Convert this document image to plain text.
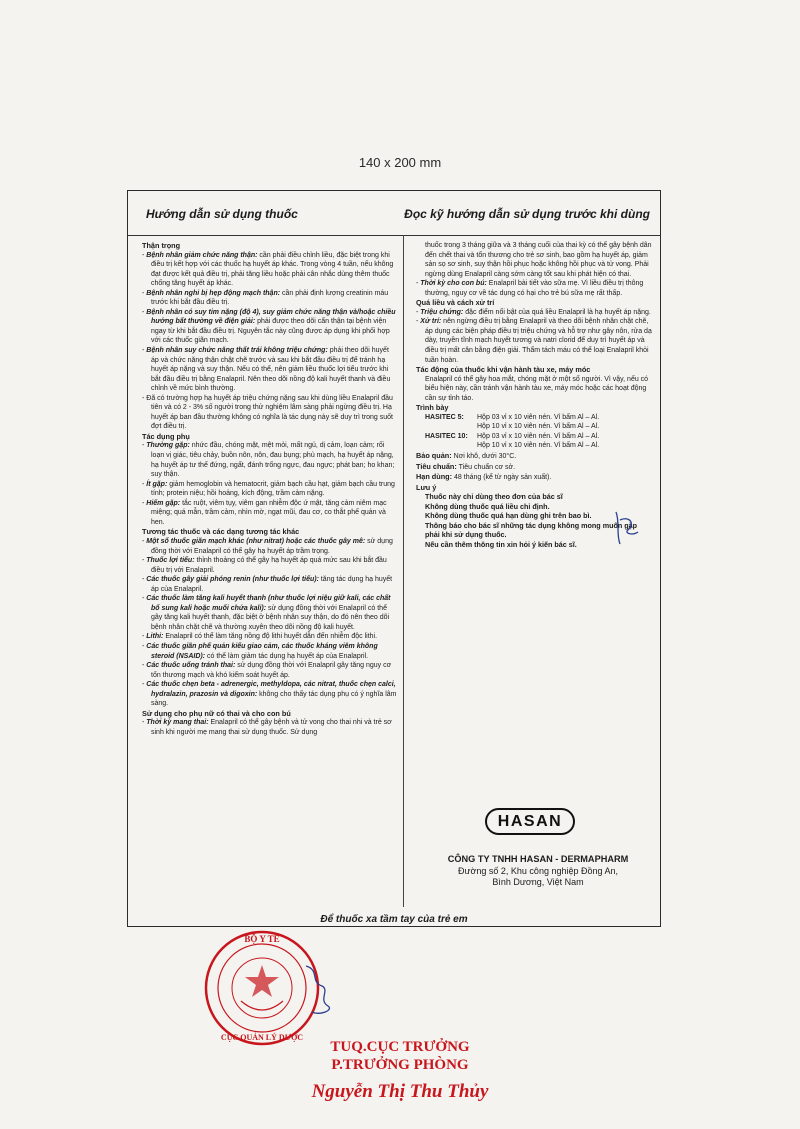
140 x 200 mm
Hướng dẫn sử dụng thuốc	Đọc kỹ hướng dẫn sử dụng trước khi dùng
Thận trọng
- Bệnh nhân giảm chức năng thận: cần phải điều chỉnh liều, đặc biệt trong khi điều trị kết hợp với các thuốc hạ huyết áp khác. Trong vòng 4 tuần, nếu không đạt được kết quả điều trị, phải tăng liều hoặc phải cân nhắc dùng thêm thuốc chống tăng huyết áp khác.
- Bệnh nhân nghi bị hẹp động mạch thận: cần phải định lượng creatinin máu trước khi bắt đầu điều trị.
- Bệnh nhân có suy tim nặng (độ 4), suy giảm chức năng thận và/hoặc chiều hướng bất thường về điện giải: phải được theo dõi cẩn thận tại bệnh viện ngay từ khi bắt đầu điều trị. Nguyên tắc này cũng được áp dụng khi phối hợp với các thuốc giãn mạch.
- Bệnh nhân suy chức năng thất trái không triệu chứng: phải theo dõi huyết áp và chức năng thận chặt chẽ trước và sau khi bắt đầu điều trị để tránh hạ huyết áp nặng và suy thận. Nếu có thể, nên giảm liều thuốc lợi tiểu trước khi bắt đầu điều trị bằng Enalapril. Nên theo dõi nồng độ kali huyết thanh và điều chỉnh về mức bình thường.
- Đã có trường hợp hạ huyết áp triệu chứng nặng sau khi dùng liều Enalapril đầu tiên và có 2 - 3% số người trong thử nghiệm lâm sàng phải ngừng điều trị. Hạ huyết áp ban đầu thường không có nghĩa là tác dụng này sẽ duy trì trong suốt đợt điều trị.
Tác dụng phụ
- Thường gặp: nhức đầu, chóng mặt, mệt mỏi, mất ngủ, dị cảm, loạn cảm; rối loạn vị giác, tiêu chảy, buồn nôn, nôn, đau bụng; phù mạch, hạ huyết áp nặng, hạ huyết áp tư thế đứng, ngất, đánh trống ngực, đau ngực; phát ban; ho khan; suy thận.
- Ít gặp: giảm hemoglobin và hematocrit, giảm bạch cầu hạt, giảm bạch cầu trung tính; protein niệu; hồi hoảng, kích động, trầm cảm nặng.
- Hiếm gặp: tắc ruột, viêm tụy, viêm gan nhiễm độc ứ mật, tăng cảm niêm mạc miệng; quá mẫn, trầm cảm, nhìn mờ, ngạt mũi, đau cơ, co thắt phế quản và hen.
Tương tác thuốc và các dạng tương tác khác
- Một số thuốc giãn mạch khác (như nitrat) hoặc các thuốc gây mê: sử dụng đồng thời với Enalapril có thể gây hạ huyết áp trầm trọng.
- Thuốc lợi tiểu: thỉnh thoảng có thể gây hạ huyết áp quá mức sau khi bắt đầu điều trị với Enalapril.
- Các thuốc gây giải phóng renin (như thuốc lợi tiểu): tăng tác dụng hạ huyết áp của Enalapril.
- Các thuốc làm tăng kali huyết thanh (như thuốc lợi niệu giữ kali, các chất bổ sung kali hoặc muối chứa kali): sử dụng đồng thời với Enalapril có thể gây tăng kali huyết thanh, đặc biệt ở bệnh nhân suy thận, do đó nên theo dõi bệnh nhân chặt chẽ và thường xuyên theo dõi nồng độ kali huyết.
- Lithi: Enalapril có thể làm tăng nồng độ lithi huyết dẫn đến nhiễm độc lithi.
- Các thuốc giãn phế quản kiểu giao cảm, các thuốc kháng viêm không steroid (NSAID): có thể làm giảm tác dụng hạ huyết áp của Enalapril.
- Các thuốc uống tránh thai: sử dụng đồng thời với Enalapril gây tăng nguy cơ tổn thương mạch và khó kiểm soát huyết áp.
- Các thuốc chẹn beta - adrenergic, methyldopa, các nitrat, thuốc chẹn calci, hydralazin, prazosin và digoxin: không cho thấy tác dụng phụ có ý nghĩa lâm sàng.
Sử dụng cho phụ nữ có thai và cho con bú
- Thời kỳ mang thai: Enalapril có thể gây bệnh và tử vong cho thai nhi và trẻ sơ sinh khi người mẹ mang thai sử dụng thuốc. Sử dụng
thuốc trong 3 tháng giữa và 3 tháng cuối của thai kỳ có thể gây bệnh dẫn đến chết thai và tổn thương cho trẻ sơ sinh, bao gồm hạ huyết áp, giảm sản sọ sơ sinh, suy thận hồi phục hoặc không hồi phục và tử vong. Phải ngừng dùng Enalapril càng sớm càng tốt sau khi phát hiện có thai.
- Thời kỳ cho con bú: Enalapril bài tiết vào sữa mẹ. Vì liều điều trị thông thường, nguy cơ về tác dụng có hại cho trẻ bú sữa mẹ rất thấp.
Quá liều và cách xử trí
- Triệu chứng: đặc điểm nổi bật của quá liều Enalapril là hạ huyết áp nặng.
- Xử trí: nên ngừng điều trị bằng Enalapril và theo dõi bệnh nhân chặt chẽ, áp dụng các biện pháp điều trị triệu chứng và hỗ trợ như gây nôn, rửa dạ dày, truyền tĩnh mạch huyết tương và natri clorid để duy trì huyết áp và điều trị mất cân bằng điện giải. Thẩm tách máu có thể loại Enalapril khỏi tuần hoàn.
Tác động của thuốc khi vận hành tàu xe, máy móc
Enalapril có thể gây hoa mắt, chóng mặt ở một số người. Vì vậy, nếu có biểu hiện này, cần tránh vận hành tàu xe, máy móc hoặc các hoạt động cần sự tỉnh táo.
Trình bày
HASITEC 5:	Hộp 03 vỉ x 10 viên nén. Vỉ bấm Al – Al.
Hộp 10 vỉ x 10 viên nén. Vỉ bấm Al – Al.
HASITEC 10:	Hộp 03 vỉ x 10 viên nén. Vỉ bấm Al – Al.
Hộp 10 vỉ x 10 viên nén. Vỉ bấm Al – Al.
Bảo quản: Nơi khô, dưới 30°C.
Tiêu chuẩn: Tiêu chuẩn cơ sở.
Hạn dùng: 48 tháng (kể từ ngày sản xuất).
Lưu ý
Thuốc này chỉ dùng theo đơn của bác sĩ
Không dùng thuốc quá liều chỉ định.
Không dùng thuốc quá hạn dùng ghi trên bao bì.
Thông báo cho bác sĩ những tác dụng không mong muốn gặp phải khi sử dụng thuốc.
Nếu cần thêm thông tin xin hỏi ý kiến bác sĩ.
HASAN
CÔNG TY TNHH HASAN - DERMAPHARM
Đường số 2, Khu công nghiệp Đồng An,
Bình Dương, Việt Nam
Để thuốc xa tầm tay của trẻ em
BỘ Y TẾ
CỤC QUẢN LÝ DƯỢC
TUQ.CỤC TRƯỞNG
P.TRƯỞNG PHÒNG
Nguyễn Thị Thu Thủy
